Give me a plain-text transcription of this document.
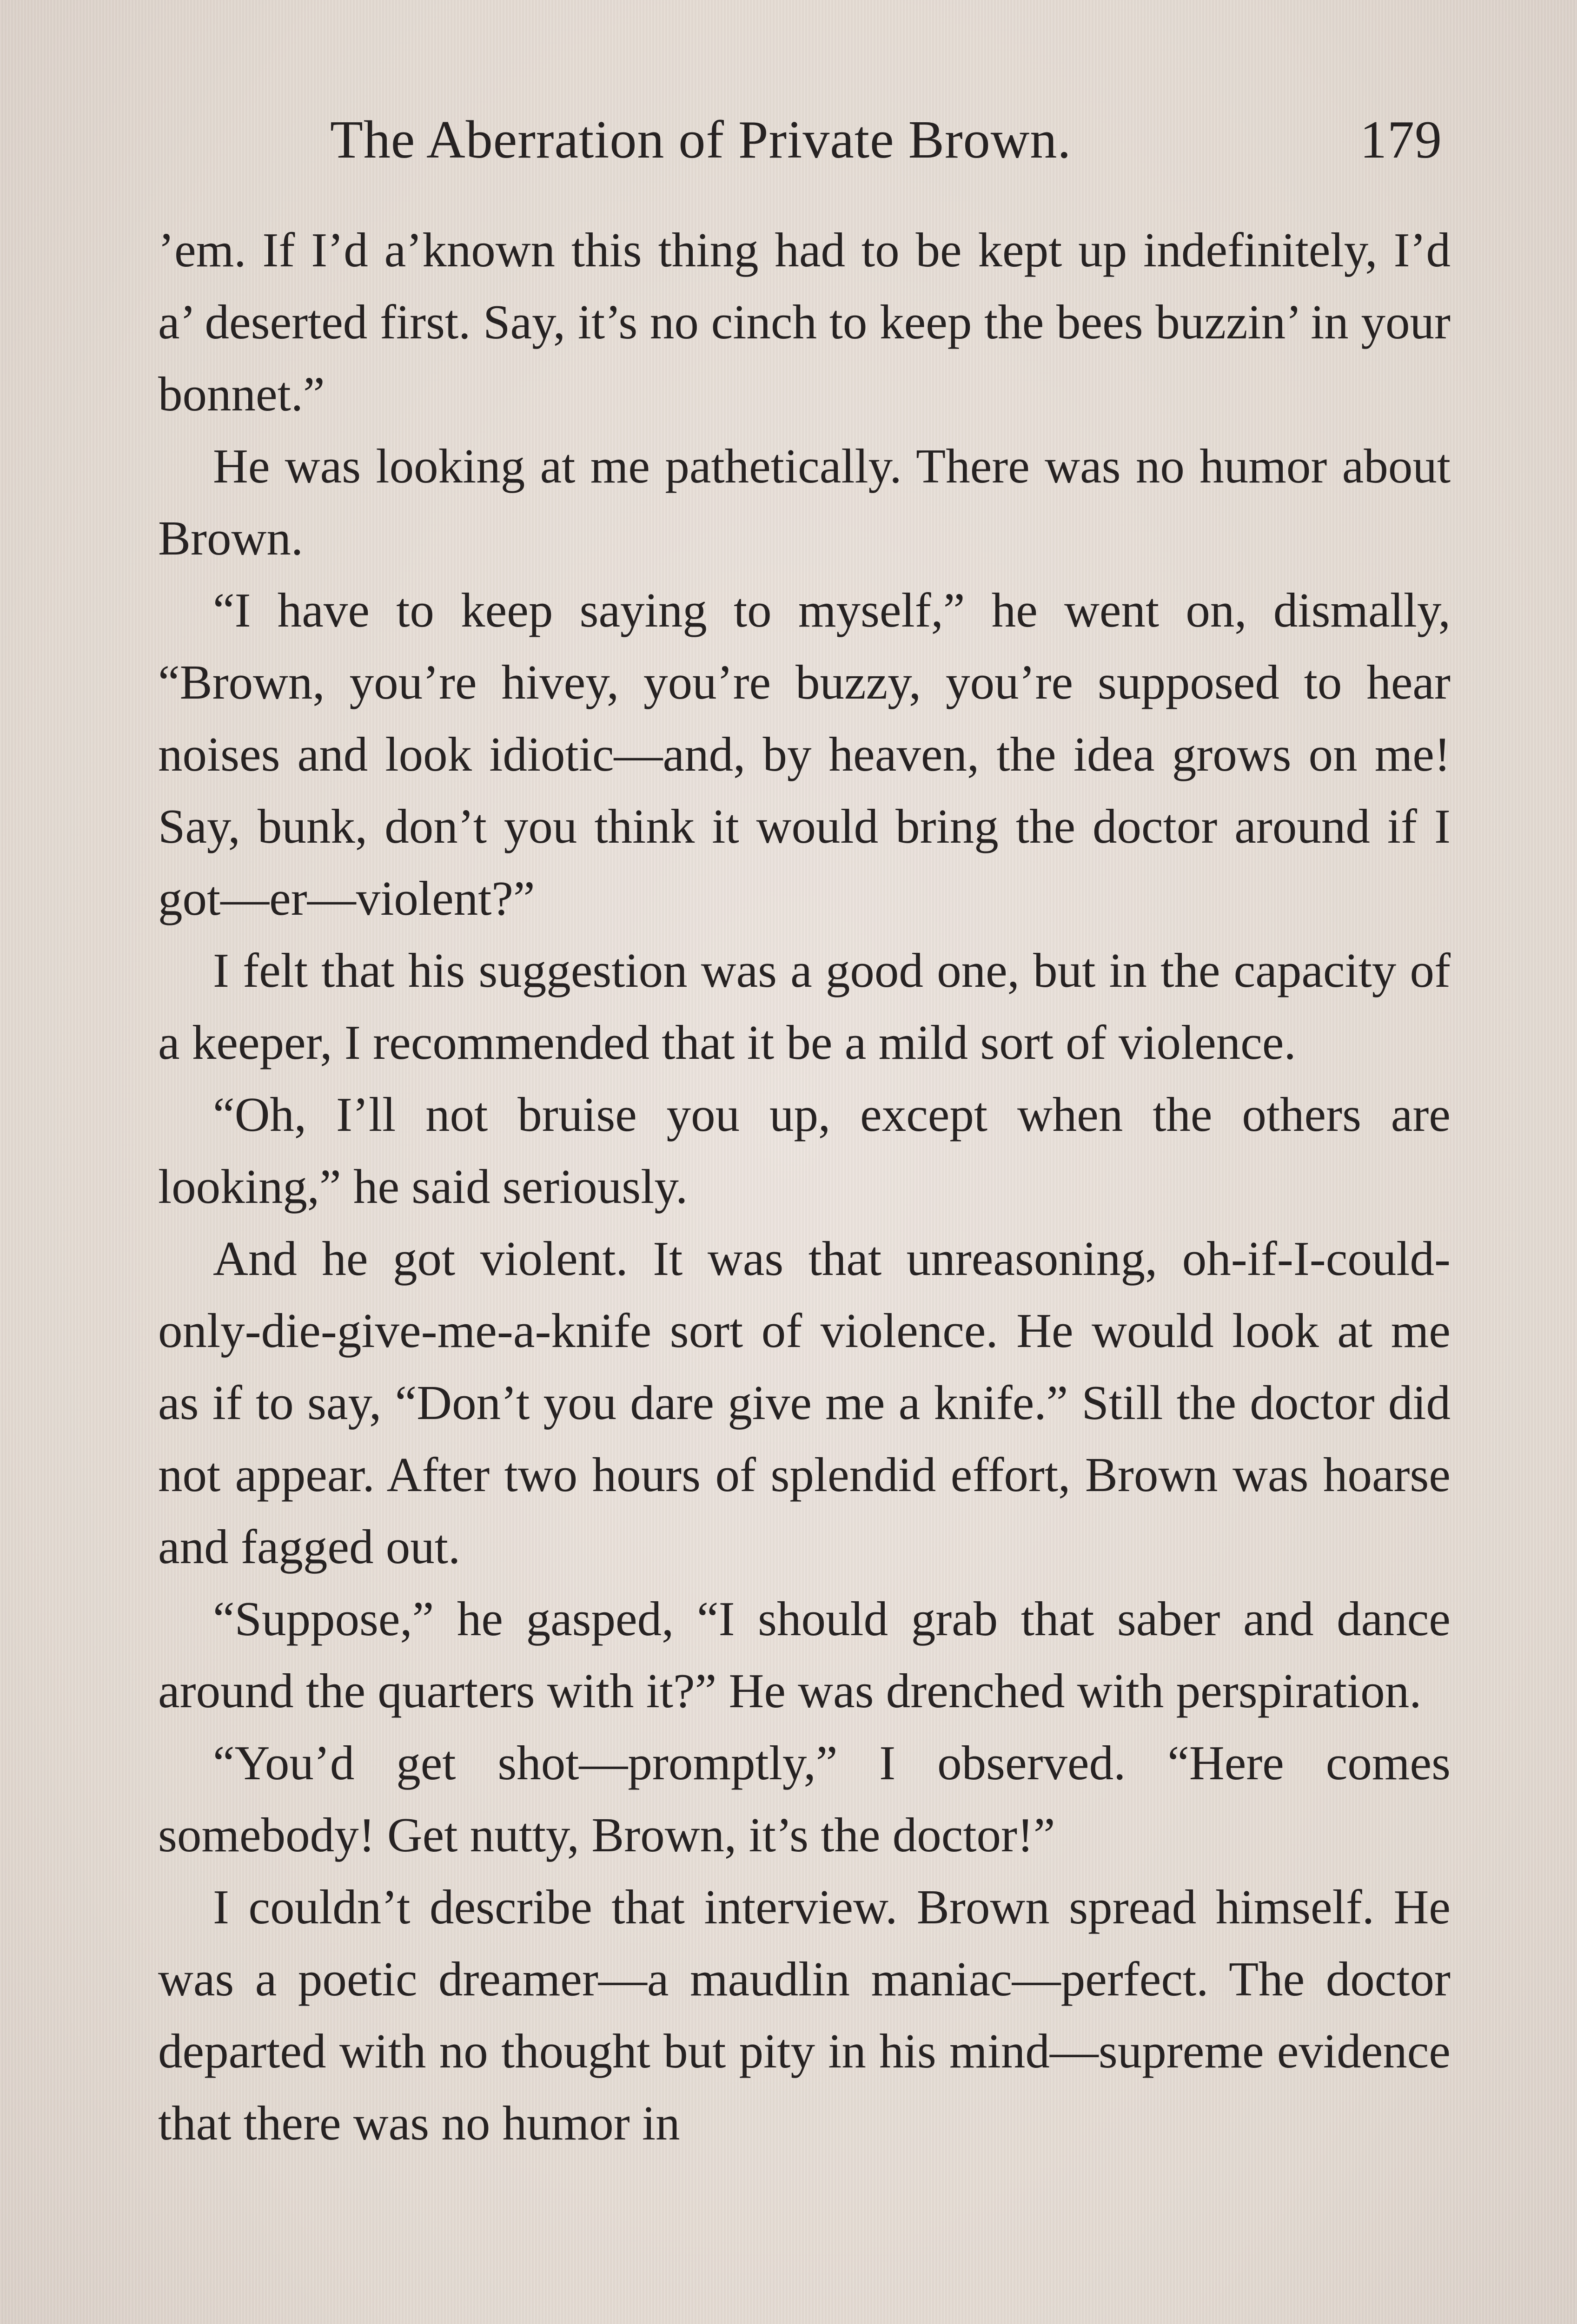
The Aberration of Private Brown.	179

’em. If I’d a’known this thing had to be kept up indefinitely, I’d a’ deserted first. Say, it’s no cinch to keep the bees buzzin’ in your bonnet.”

He was looking at me pathetically. There was no humor about Brown.

“I have to keep saying to myself,” he went on, dismally, “Brown, you’re hivey, you’re buzzy, you’re supposed to hear noises and look idiotic—and, by heaven, the idea grows on me! Say, bunk, don’t you think it would bring the doctor around if I got—er—violent?”

I felt that his suggestion was a good one, but in the capacity of a keeper, I recommended that it be a mild sort of violence.

“Oh, I’ll not bruise you up, except when the others are looking,” he said seriously.

And he got violent. It was that unreasoning, oh-if-I-could-only-die-give-me-a-knife sort of violence. He would look at me as if to say, “Don’t you dare give me a knife.” Still the doctor did not appear. After two hours of splendid effort, Brown was hoarse and fagged out.

“Suppose,” he gasped, “I should grab that saber and dance around the quarters with it?” He was drenched with perspiration.

“You’d get shot—promptly,” I observed. “Here comes somebody! Get nutty, Brown, it’s the doctor!”

I couldn’t describe that interview. Brown spread himself. He was a poetic dreamer—a maudlin maniac—perfect. The doctor departed with no thought but pity in his mind—supreme evidence that there was no humor in
